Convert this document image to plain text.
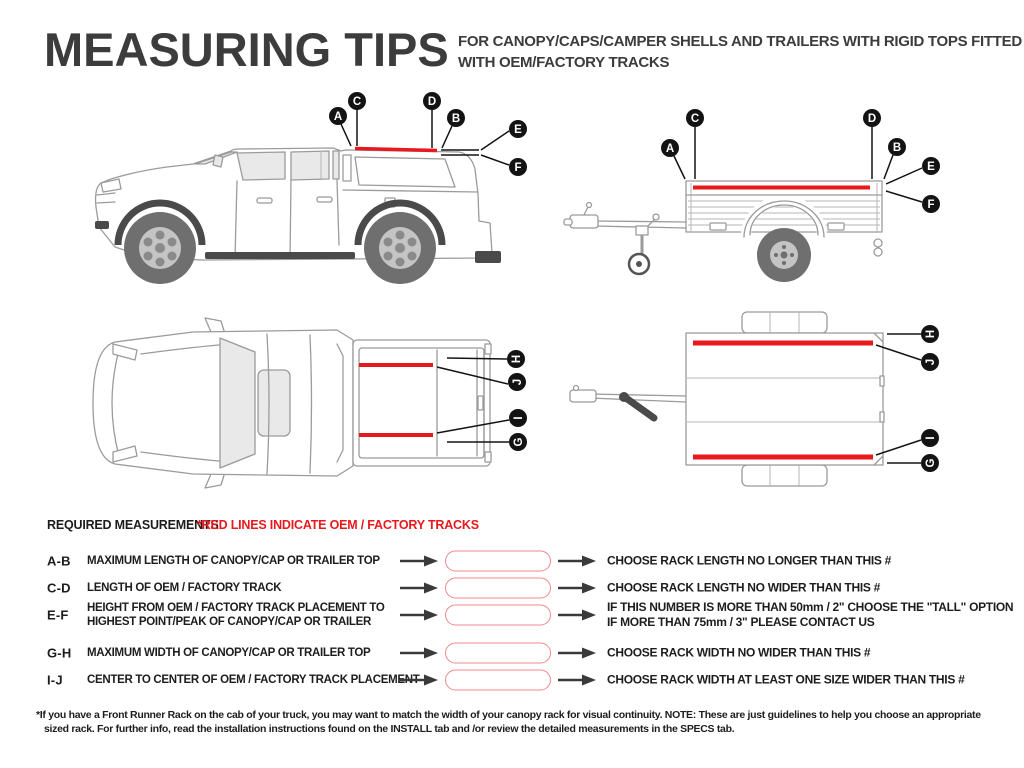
MEASURING TIPS FOR CANOPY/CAPS/CAMPER SHELLS AND TRAILERS WITH RIGID TOPS FITTED
WITH OEM/FACTORY TRACKS
A
C	D
B
E
F
C	D
A	B
E
F
H
J
I
G
H
J
I
G
REQUIRED MEASUREMENTS
*RED LINES INDICATE OEM / FACTORY TRACKS
A-B MAXIMUM LENGTH OF CANOPY/CAP OR TRAILER TOP	CHOOSE RACK LENGTH NO LONGER THAN THIS #
C-D LENGTH OF OEM / FACTORY TRACK	CHOOSE RACK LENGTH NO WIDER THAN THIS #
E-F HEIGHT FROM OEM / FACTORY TRACK PLACEMENT TO
HIGHEST POINT/PEAK OF CANOPY/CAP OR TRAILER
IF THIS NUMBER IS MORE THAN 50mm / 2" CHOOSE THE "TALL" OPTION
IF MORE THAN 75mm / 3" PLEASE CONTACT US
G-H MAXIMUM WIDTH OF CANOPY/CAP OR TRAILER TOP	CHOOSE RACK WIDTH NO WIDER THAN THIS #
I-J CENTER TO CENTER OF OEM / FACTORY TRACK PLACEMENT	CHOOSE RACK WIDTH AT LEAST ONE SIZE WIDER THAN THIS #
*If you have a Front Runner Rack on the cab of your truck, you may want to match the width of your canopy rack for visual continuity. NOTE: These are just guidelines to help you choose an appropriate
sized rack. For further info, read the installation instructions found on the INSTALL tab and /or review the detailed measurements in the SPECS tab.
